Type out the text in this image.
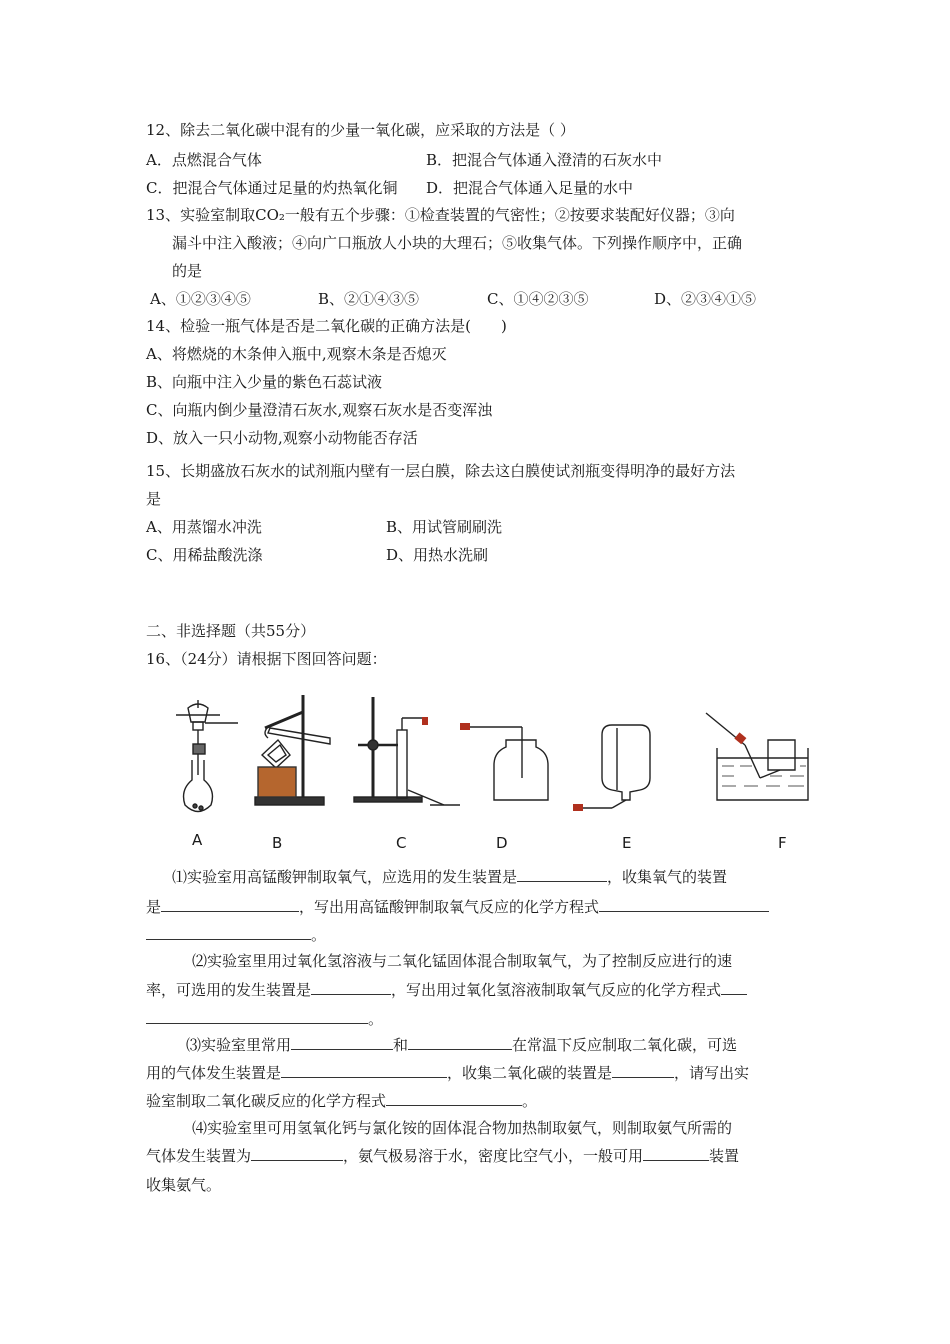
12、除去二氧化碳中混有的少量一氧化碳，应采取的方法是（ ）
A．点燃混合气体	B．把混合气体通入澄清的石灰水中
C．把混合气体通过足量的灼热氧化铜 D．把混合气体通入足量的水中
13、实验室制取CO₂一般有五个步骤：①检查装置的气密性；②按要求装配好仪器；③向
漏斗中注入酸液；④向广口瓶放人小块的大理石；⑤收集气体。下列操作顺序中，正确
的是
A、①②③④⑤	B、②①④③⑤	C、①④②③⑤	D、②③④①⑤
14、检验一瓶气体是否是二氧化碳的正确方法是(　　)
A、将燃烧的木条伸入瓶中,观察木条是否熄灭
B、向瓶中注入少量的紫色石蕊试液
C、向瓶内倒少量澄清石灰水,观察石灰水是否变浑浊
D、放入一只小动物,观察小动物能否存活
15、长期盛放石灰水的试剂瓶内壁有一层白膜，除去这白膜使试剂瓶变得明净的最好方法
是
A、用蒸馏水冲洗	B、用试管刷刷洗
C、用稀盐酸洗涤	D、用热水洗刷
二、非选择题（共55分）
16、（24分）请根据下图回答问题：
A	B	C	D	E	F
⑴实验室用高锰酸钾制取氧气，应选用的发生装置是	，收集氧气的装置
是	，写出用高锰酸钾制取氧气反应的化学方程式
。
⑵实验室里用过氧化氢溶液与二氧化锰固体混合制取氧气，为了控制反应进行的速
率，可选用的发生装置是	，写出用过氧化氢溶液制取氧气反应的化学方程式
。
⑶实验室里常用	和	在常温下反应制取二氧化碳，可选
用的气体发生装置是	，收集二氧化碳的装置是	，请写出实
验室制取二氧化碳反应的化学方程式	。
⑷实验室里可用氢氧化钙与氯化铵的固体混合物加热制取氨气，则制取氨气所需的
气体发生装置为	，氨气极易溶于水，密度比空气小，一般可用	装置
收集氨气。
